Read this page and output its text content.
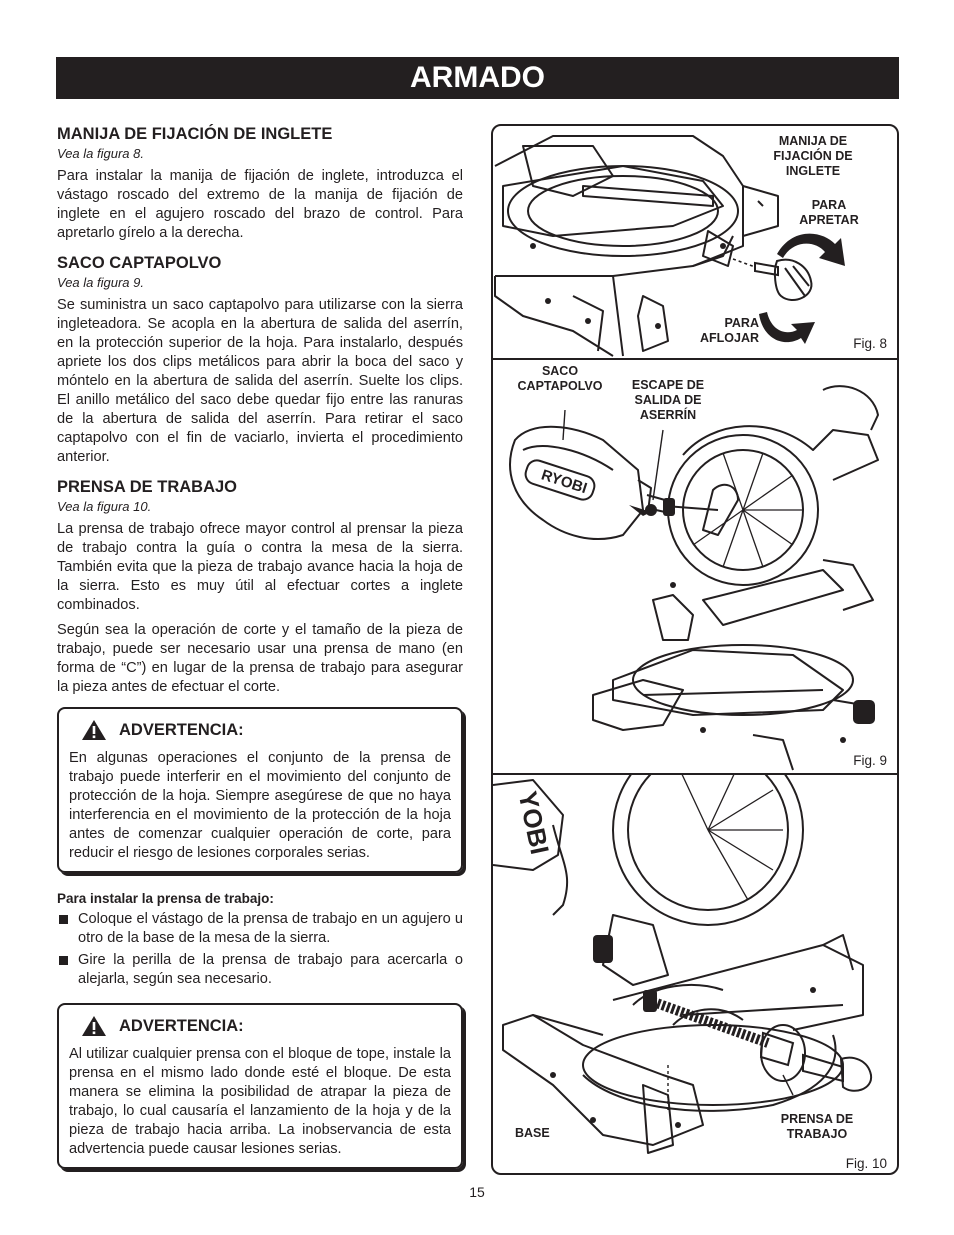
ARMADO
MANIJA DE FIJACIÓN DE INGLETE
Vea la figura 8.

Para instalar la manija de fijación de inglete, introduzca el vástago roscado del extremo de la manija de fijación de inglete en el agujero roscado del brazo de control. Para apretarlo gírelo a la derecha.

SACO CAPTAPOLVO
Vea la figura 9.

Se suministra un saco captapolvo para utilizarse con la sierra ingleteadora. Se acopla en la abertura de salida del aserrín, en la protección superior de la hoja. Para instalarlo, después apriete los dos clips metálicos para abrir la boca del saco y móntelo en la abertura de salida del aserrín. Suelte los clips. El anillo metálico del saco debe quedar fijo entre las ranuras de la abertura de salida del aserrín. Para retirar el saco captapolvo con el fin de vaciarlo, invierta el procedimiento anterior.

PRENSA DE TRABAJO
Vea la figura 10.

La prensa de trabajo ofrece mayor control al prensar la pieza de trabajo contra la guía o contra la mesa de la sierra. También evita que la pieza de trabajo avance hacia la hoja de la sierra. Esto es muy útil al efectuar cortes a inglete combinados.

Según sea la operación de corte y el tamaño de la pieza de trabajo, puede ser necesario usar una prensa de mano (en forma de “C”) en lugar de la prensa de trabajo para asegurar la pieza antes de efectuar el corte.

ADVERTENCIA:

En algunas operaciones el conjunto de la prensa de trabajo puede interferir en el movimiento del conjunto de protección de la hoja. Siempre asegúrese de que no haya interferencia en el movimiento de la protección de la hoja antes de comenzar cualquier operación de corte, para reducir el riesgo de lesiones corporales serias.

Para instalar la prensa de trabajo:
Coloque el vástago de la prensa de trabajo en un agujero u otro de la base de la mesa de la sierra.
Gire la perilla de la prensa de trabajo para acercarla o alejarla, según sea necesario.
ADVERTENCIA:

Al utilizar cualquier prensa con el bloque de tope, instale la prensa en el mismo lado donde esté el bloque. De esta manera se elimina la posibilidad de atrapar la pieza de trabajo, lo cual causaría el lanzamiento de la hoja y de la pieza de trabajo hacia arriba. La inobservancia de esta advertencia puede causar lesiones serias.

MANIJA DE
FIJACIÓN DE
INGLETE
PARA
APRETAR
PARA
AFLOJAR	Fig. 8
RYOBI
SACO
CAPTAPOLVO	ESCAPE DE
SALIDA DE
ASERRÍN
Fig. 9
YOBI
BASE
PRENSA DE
TRABAJO
Fig. 10
15
